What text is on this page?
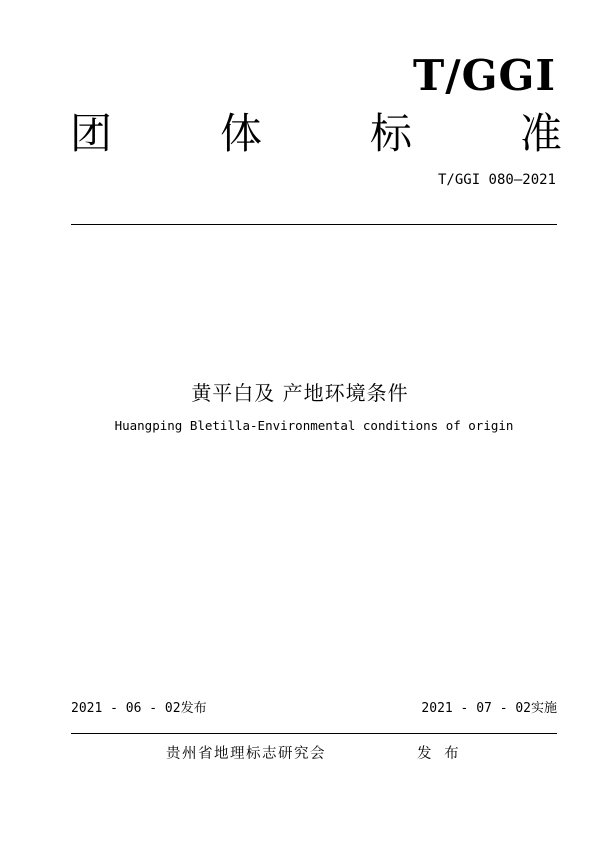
T/GGI
团	体	标	准
T/GGI 080—2021
黄平白及 产地环境条件
Huangping Bletilla-Environmental conditions of origin
2021 - 06 - 02发布	2021 - 07 - 02实施
贵州省地理标志研究会	发 布
